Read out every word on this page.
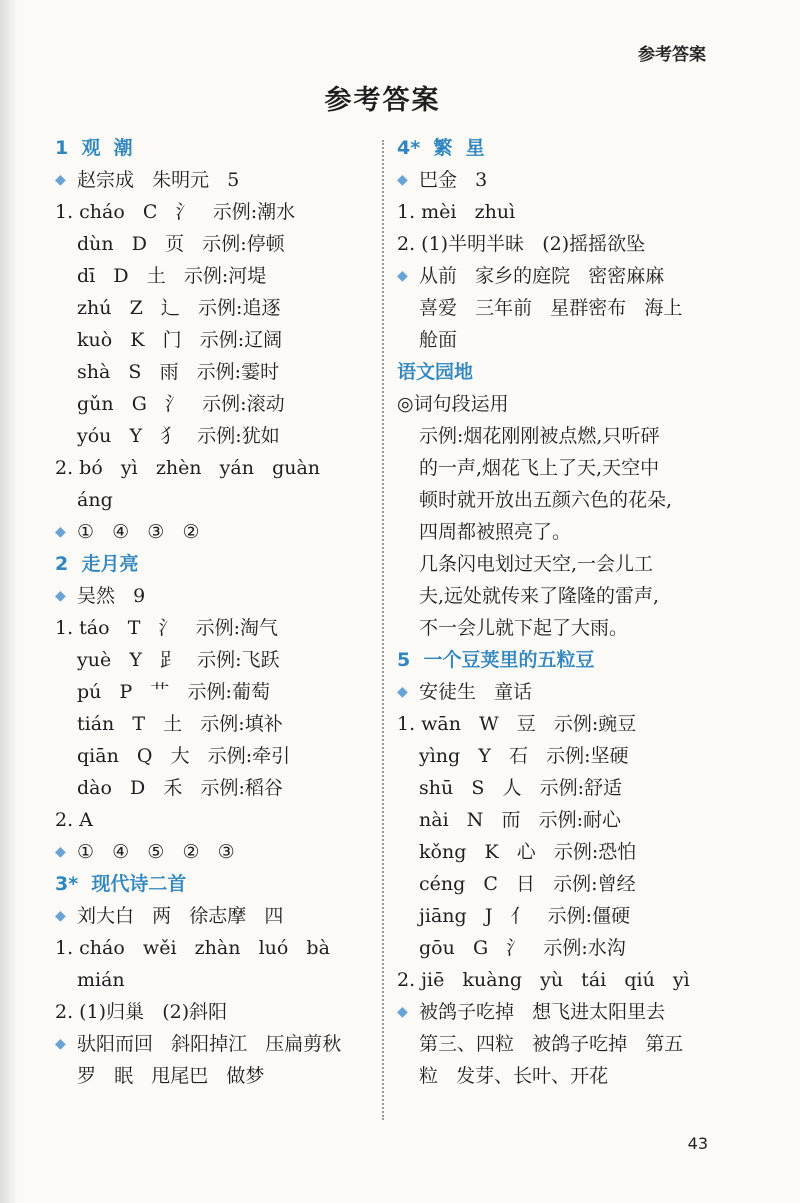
参考答案
参考答案
1  观  潮
◆ 赵宗成   朱明元   5
1. cháo   C   氵   示例:潮水
dùn   D   页   示例:停顿
dī   D   土   示例:河堤
zhú   Z   辶   示例:追逐
kuò   K   门   示例:辽阔
shà   S   雨   示例:霎时
gǔn   G   氵   示例:滚动
yóu   Y   犭   示例:犹如
2. bó   yì   zhèn   yán   guàn
áng
◆ ①   ④   ③   ②
2  走月亮
◆ 吴然   9
1. táo   T   氵   示例:淘气
yuè   Y   𧾷   示例:飞跃
pú   P   艹   示例:葡萄
tián   T   土   示例:填补
qiān   Q   大   示例:牵引
dào   D   禾   示例:稻谷
2. A
◆ ①   ④   ⑤   ②   ③
3*  现代诗二首
◆ 刘大白   两   徐志摩   四
1. cháo   wěi   zhàn   luó   bà
mián
2. (1)归巢   (2)斜阳
◆ 驮阳而回   斜阳掉江   压扁剪秋
罗   眠   甩尾巴   做梦
4*  繁  星
◆ 巴金   3
1. mèi   zhuì
2. (1)半明半昧   (2)摇摇欲坠
◆ 从前   家乡的庭院   密密麻麻
喜爱   三年前   星群密布   海上
舱面
语文园地
◎词句段运用
示例:烟花刚刚被点燃,只听砰
的一声,烟花飞上了天,天空中
顿时就开放出五颜六色的花朵,
四周都被照亮了。
几条闪电划过天空,一会儿工
夫,远处就传来了隆隆的雷声,
不一会儿就下起了大雨。
5  一个豆荚里的五粒豆
◆ 安徒生   童话
1. wān   W   豆   示例:豌豆
yìng   Y   石   示例:坚硬
shū   S   人   示例:舒适
nài   N   而   示例:耐心
kǒng   K   心   示例:恐怕
céng   C   日   示例:曾经
jiāng   J   亻   示例:僵硬
gōu   G   氵   示例:水沟
2. jiē   kuàng   yù   tái   qiú   yì
◆ 被鸽子吃掉   想飞进太阳里去
第三、四粒   被鸽子吃掉   第五
粒   发芽、长叶、开花
43
